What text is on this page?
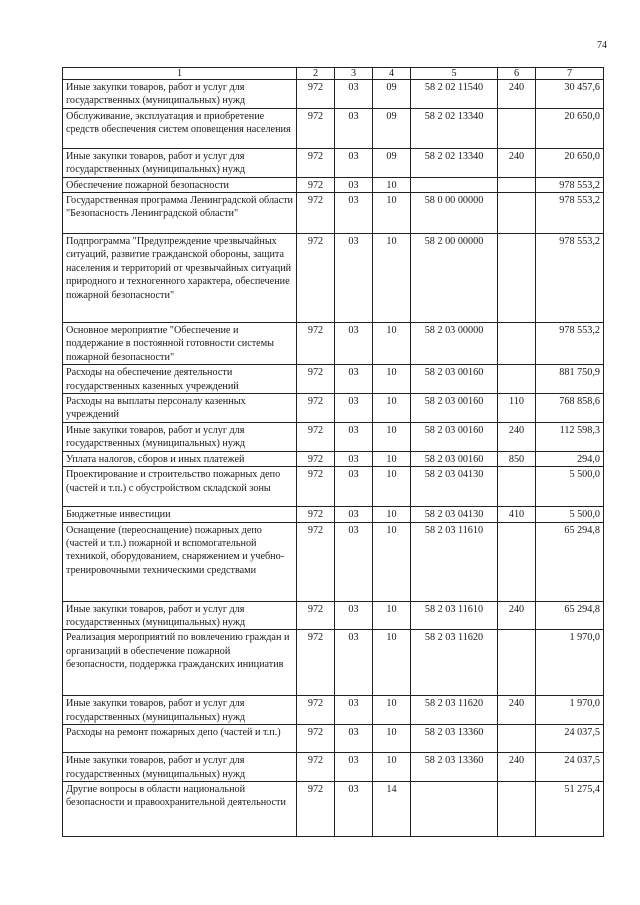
74
1	2	3	4	5	6	7
Иные закупки товаров, работ и услуг для государственных (муниципальных) нужд	972	03	09	58 2 02 11540	240	30 457,6
Обслуживание, эксплуатация и приобретение средств обеспечения систем оповещения населения	972	03	09	58 2 02 13340		20 650,0
Иные закупки товаров, работ и услуг для государственных (муниципальных) нужд	972	03	09	58 2 02 13340	240	20 650,0
Обеспечение пожарной безопасности	972	03	10			978 553,2
Государственная программа Ленинградской области "Безопасность Ленинградской области"	972	03	10	58 0 00 00000		978 553,2
Подпрограмма "Предупреждение чрезвычайных ситуаций, развитие гражданской обороны, защита населения и территорий от чрезвычайных ситуаций природного и техногенного характера, обеспечение пожарной безопасности"	972	03	10	58 2 00 00000		978 553,2
Основное мероприятие "Обеспечение и поддержание в постоянной готовности системы пожарной безопасности"	972	03	10	58 2 03 00000		978 553,2
Расходы на обеспечение деятельности государственных казенных учреждений	972	03	10	58 2 03 00160		881 750,9
Расходы на выплаты персоналу казенных учреждений	972	03	10	58 2 03 00160	110	768 858,6
Иные закупки товаров, работ и услуг для государственных (муниципальных) нужд	972	03	10	58 2 03 00160	240	112 598,3
Уплата налогов, сборов и иных платежей	972	03	10	58 2 03 00160	850	294,0
Проектирование и строительство пожарных депо (частей и т.п.) с обустройством складской зоны	972	03	10	58 2 03 04130		5 500,0
Бюджетные инвестиции	972	03	10	58 2 03 04130	410	5 500,0
Оснащение (переоснащение) пожарных депо (частей и т.п.) пожарной и вспомогательной техникой, оборудованием, снаряжением и учебно-тренировочными техническими средствами	972	03	10	58 2 03 11610		65 294,8
Иные закупки товаров, работ и услуг для государственных (муниципальных) нужд	972	03	10	58 2 03 11610	240	65 294,8
Реализация мероприятий по вовлечению граждан и организаций в обеспечение пожарной безопасности, поддержка гражданских инициатив	972	03	10	58 2 03 11620		1 970,0
Иные закупки товаров, работ и услуг для государственных (муниципальных) нужд	972	03	10	58 2 03 11620	240	1 970,0
Расходы на ремонт пожарных депо (частей и т.п.)	972	03	10	58 2 03 13360		24 037,5
Иные закупки товаров, работ и услуг для государственных (муниципальных) нужд	972	03	10	58 2 03 13360	240	24 037,5
Другие вопросы в области национальной безопасности и правоохранительной деятельности	972	03	14			51 275,4
